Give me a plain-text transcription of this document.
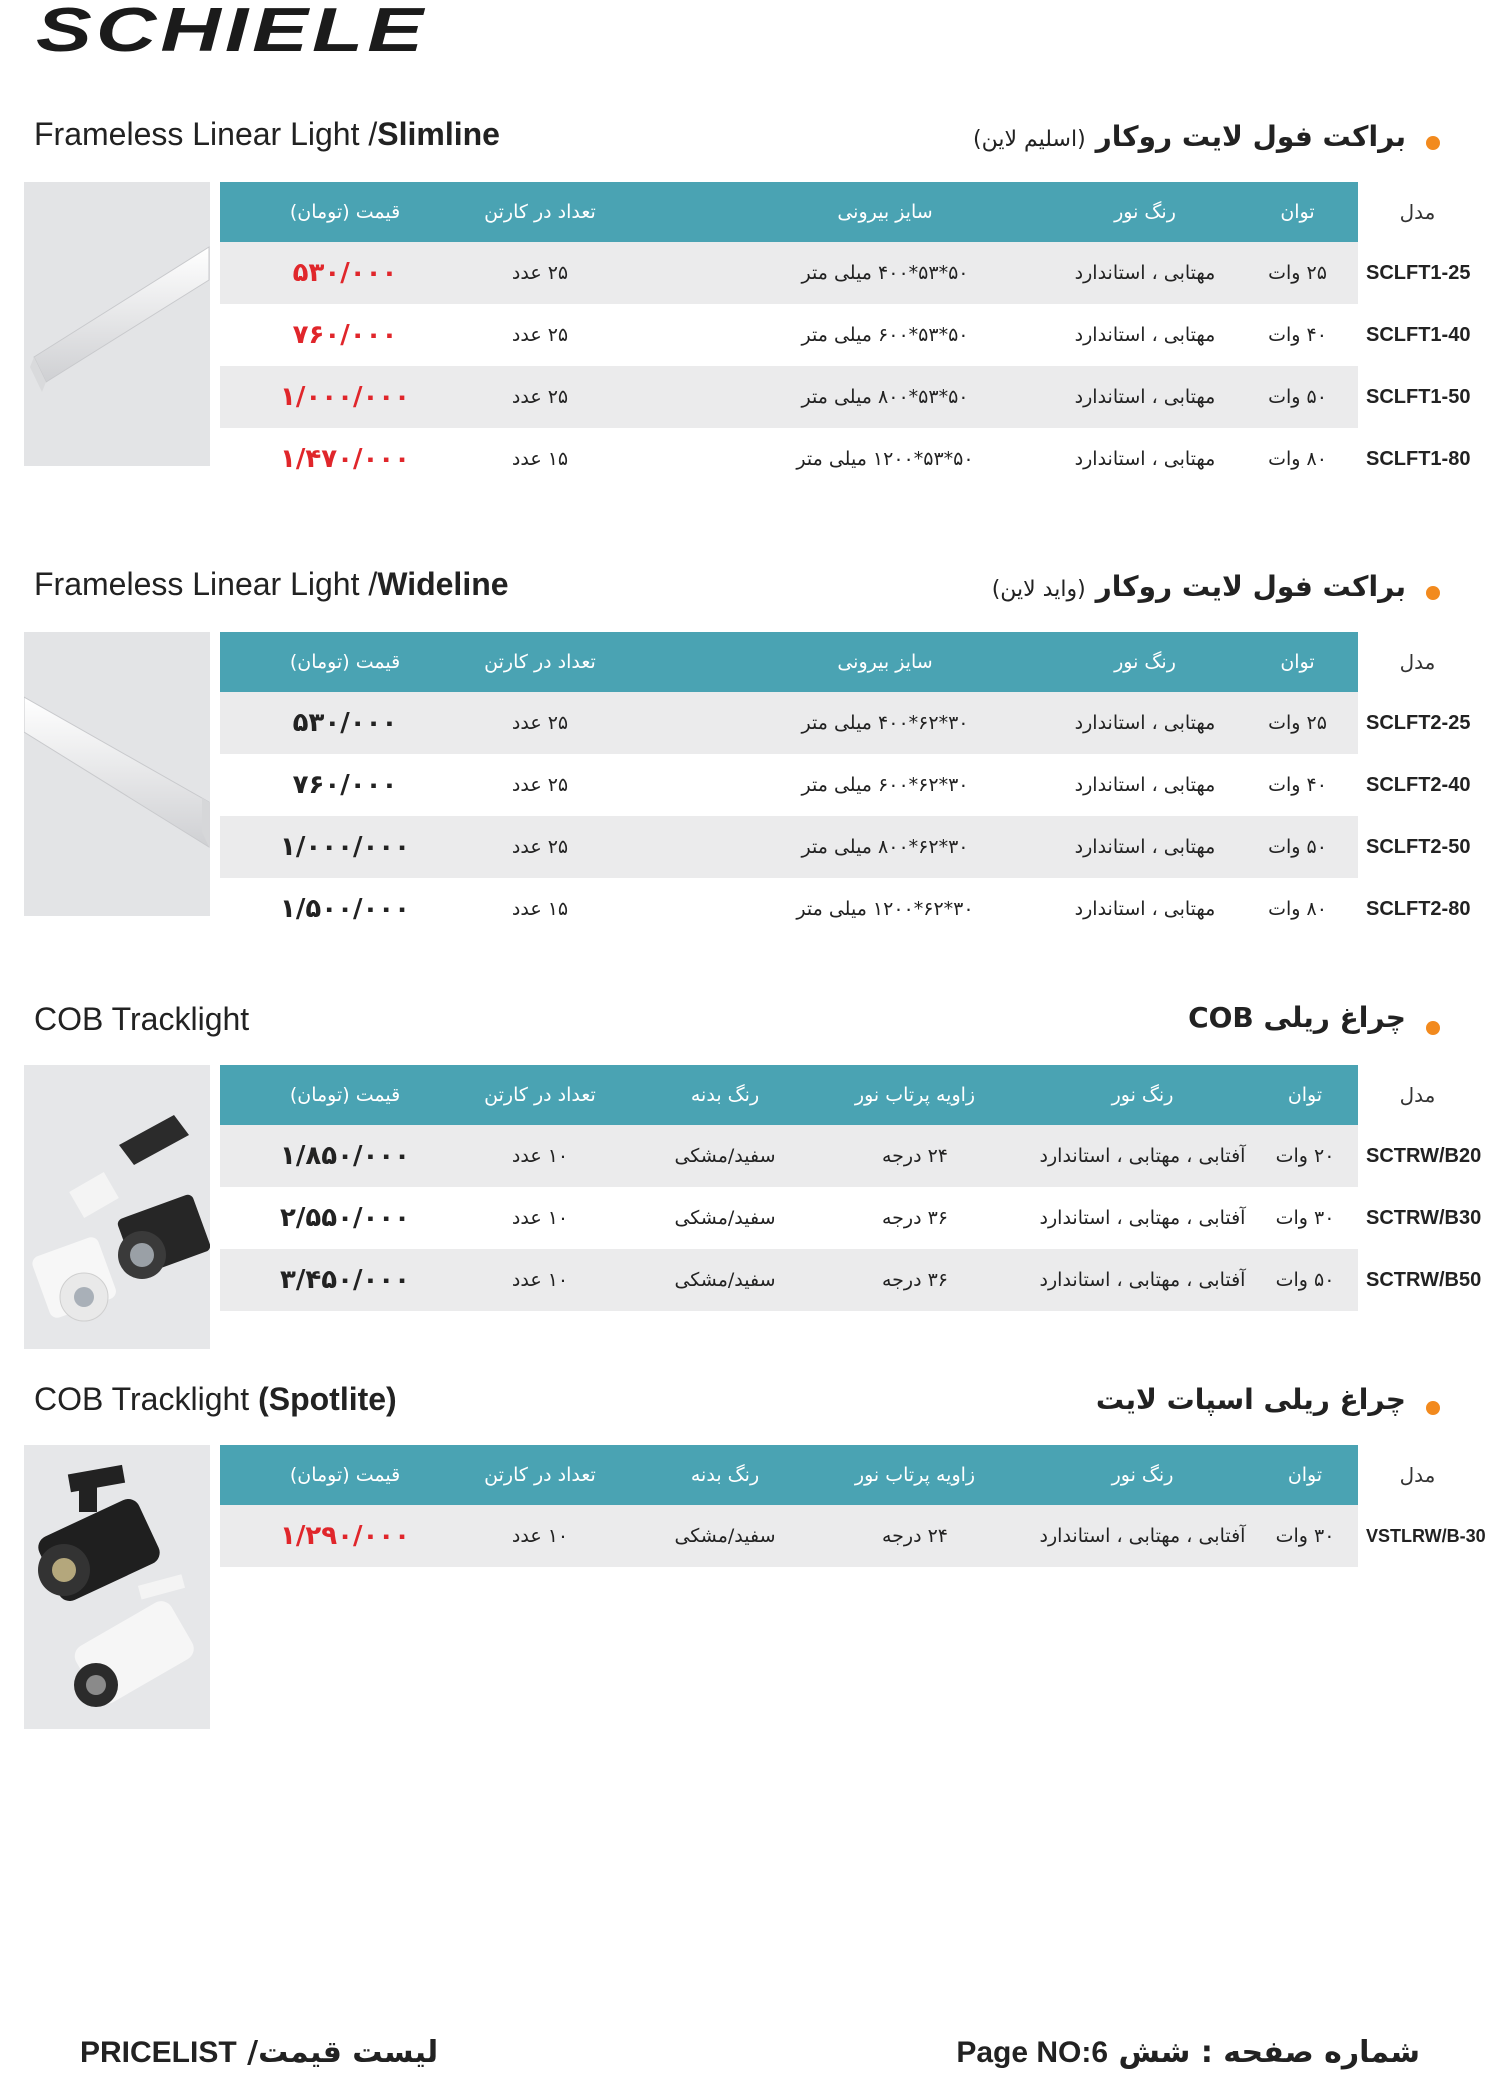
SCHIELE
Frameless Linear Light /Slimline	براکت فول لایت روکار(اسلیم لاین)
قیمت (تومان)	تعداد در کارتن	سایز بیرونی	رنگ نور	توان	مدل
۵۳۰/۰۰۰	۲۵ عدد	۵۰*۵۳*۴۰۰ میلی متر	مهتابی ، استاندارد	۲۵ وات	SCLFT1-25
۷۶۰/۰۰۰	۲۵ عدد	۵۰*۵۳*۶۰۰ میلی متر	مهتابی ، استاندارد	۴۰ وات	SCLFT1-40
۱/۰۰۰/۰۰۰	۲۵ عدد	۵۰*۵۳*۸۰۰ میلی متر	مهتابی ، استاندارد	۵۰ وات	SCLFT1-50
۱/۴۷۰/۰۰۰	۱۵ عدد	۵۰*۵۳*۱۲۰۰ میلی متر	مهتابی ، استاندارد	۸۰ وات	SCLFT1-80
Frameless Linear Light /Wideline	براکت فول لایت روکار(واید لاین)
قیمت (تومان)	تعداد در کارتن	سایز بیرونی	رنگ نور	توان	مدل
۵۳۰/۰۰۰	۲۵ عدد	۳۰*۶۲*۴۰۰ میلی متر	مهتابی ، استاندارد	۲۵ وات	SCLFT2-25
۷۶۰/۰۰۰	۲۵ عدد	۳۰*۶۲*۶۰۰ میلی متر	مهتابی ، استاندارد	۴۰ وات	SCLFT2-40
۱/۰۰۰/۰۰۰	۲۵ عدد	۳۰*۶۲*۸۰۰ میلی متر	مهتابی ، استاندارد	۵۰ وات	SCLFT2-50
۱/۵۰۰/۰۰۰	۱۵ عدد	۳۰*۶۲*۱۲۰۰ میلی متر	مهتابی ، استاندارد	۸۰ وات	SCLFT2-80
COB Tracklight	چراغ ریلی COB
قیمت (تومان)	تعداد در کارتن	رنگ بدنه	زاویه پرتاب نور	رنگ نور	توان	مدل
۱/۸۵۰/۰۰۰	۱۰ عدد	سفید/مشکی	۲۴ درجه	آفتابی ، مهتابی ، استاندارد	۲۰ وات	SCTRW/B20
۲/۵۵۰/۰۰۰	۱۰ عدد	سفید/مشکی	۳۶ درجه	آفتابی ، مهتابی ، استاندارد	۳۰ وات	SCTRW/B30
۳/۴۵۰/۰۰۰	۱۰ عدد	سفید/مشکی	۳۶ درجه	آفتابی ، مهتابی ، استاندارد	۵۰ وات	SCTRW/B50
COB Tracklight (Spotlite)	چراغ ریلی اسپات لایت
قیمت (تومان)	تعداد در کارتن	رنگ بدنه	زاویه پرتاب نور	رنگ نور	توان	مدل
۱/۲۹۰/۰۰۰	۱۰ عدد	سفید/مشکی	۲۴ درجه	آفتابی ، مهتابی ، استاندارد	۳۰ وات	VSTLRW/B-30
PRICELIST لیست قیمت/	Page NO:6 شماره صفحه : شش
